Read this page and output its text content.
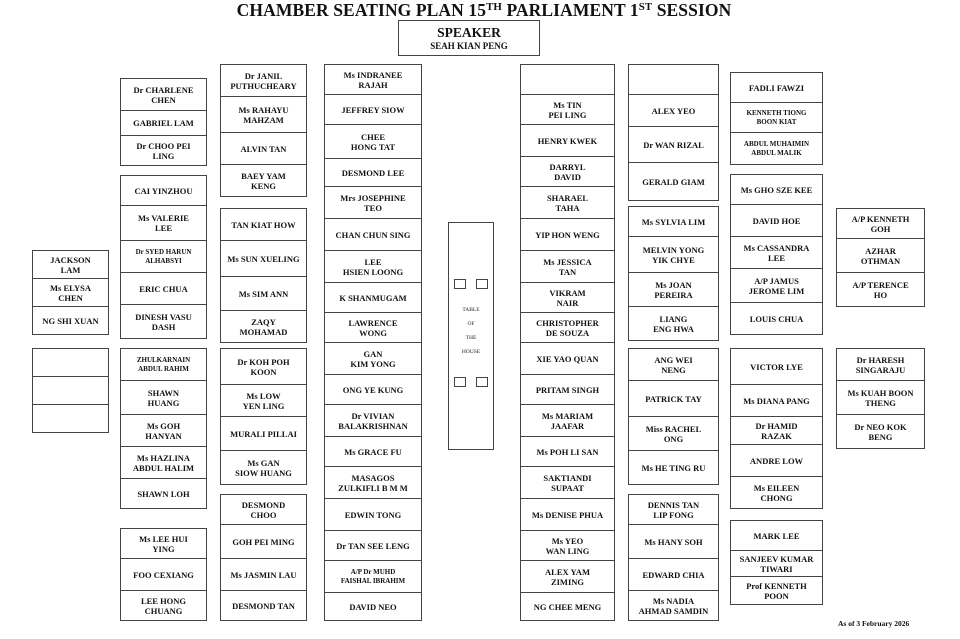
CHAMBER SEATING PLAN 15TH PARLIAMENT 1ST SESSION
SPEAKER
SEAH KIAN PENG
TABLE
OF
THE
HOUSE
JACKSON
LAM
Ms ELYSA
CHEN
NG SHI XUAN
Dr CHARLENE
CHEN
GABRIEL LAM
Dr CHOO PEI
LING
CAI YINZHOU
Ms VALERIE
LEE
Dr SYED HARUN
ALHABSYI
ERIC CHUA
DINESH VASU
DASH
ZHULKARNAIN
ABDUL RAHIM
SHAWN
HUANG
Ms GOH
HANYAN
Ms HAZLINA
ABDUL HALIM
SHAWN LOH
Ms LEE HUI
YING
FOO CEXIANG
LEE HONG
CHUANG
Dr JANIL
PUTHUCHEARY
Ms RAHAYU
MAHZAM
ALVIN TAN
BAEY YAM
KENG
TAN KIAT HOW
Ms SUN XUELING
Ms SIM ANN
ZAQY
MOHAMAD
Dr KOH POH
KOON
Ms LOW
YEN LING
MURALI PILLAI
Ms GAN
SIOW HUANG
DESMOND
CHOO
GOH PEI MING
Ms JASMIN LAU
DESMOND TAN
Ms INDRANEE
RAJAH
JEFFREY SIOW
CHEE
HONG TAT
DESMOND LEE
Mrs JOSEPHINE
TEO
CHAN CHUN SING
LEE
HSIEN LOONG
K SHANMUGAM
LAWRENCE
WONG
GAN
KIM YONG
ONG YE KUNG
Dr VIVIAN
BALAKRISHNAN
Ms GRACE FU
MASAGOS
ZULKIFLI B M M
EDWIN TONG
Dr TAN SEE LENG
A/P Dr MUHD
FAISHAL IBRAHIM
DAVID NEO
Ms TIN
PEI LING
HENRY KWEK
DARRYL
DAVID
SHARAEL
TAHA
YIP HON WENG
Ms JESSICA
TAN
VIKRAM
NAIR
CHRISTOPHER
DE SOUZA
XIE YAO QUAN
PRITAM SINGH
Ms MARIAM
JAAFAR
Ms POH LI SAN
SAKTIANDI
SUPAAT
Ms DENISE PHUA
Ms YEO
WAN LING
ALEX YAM
ZIMING
NG CHEE MENG
ALEX YEO
Dr WAN RIZAL
GERALD GIAM
Ms SYLVIA LIM
MELVIN YONG
YIK CHYE
Ms JOAN
PEREIRA
LIANG
ENG HWA
ANG WEI
NENG
PATRICK TAY
Miss RACHEL
ONG
Ms HE TING RU
DENNIS TAN
LIP FONG
Ms HANY SOH
EDWARD CHIA
Ms NADIA
AHMAD SAMDIN
FADLI FAWZI
KENNETH TIONG
BOON KIAT
ABDUL MUHAIMIN
ABDUL MALIK
Ms GHO SZE KEE
DAVID HOE
Ms CASSANDRA
LEE
A/P JAMUS
JEROME LIM
LOUIS CHUA
VICTOR LYE
Ms DIANA PANG
Dr HAMID
RAZAK
ANDRE LOW
Ms EILEEN
CHONG
MARK LEE
SANJEEV KUMAR
TIWARI
Prof KENNETH
POON
A/P KENNETH
GOH
AZHAR
OTHMAN
A/P TERENCE
HO
Dr HARESH
SINGARAJU
Ms KUAH BOON
THENG
Dr NEO KOK
BENG
As of 3 February 2026
